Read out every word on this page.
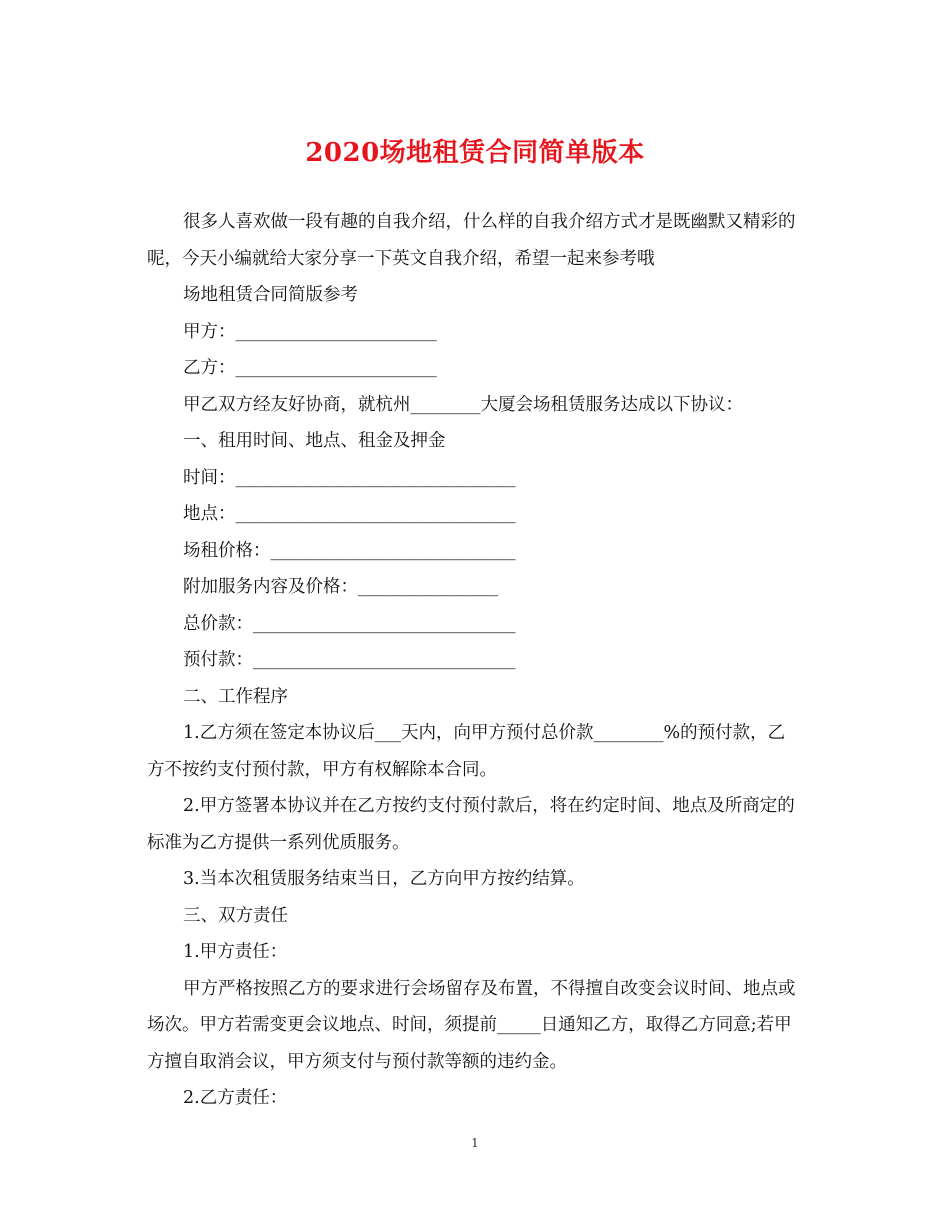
2020场地租赁合同简单版本

很多人喜欢做一段有趣的自我介绍，什么样的自我介绍方式才是既幽默又精彩的呢，今天小编就给大家分享一下英文自我介绍，希望一起来参考哦

场地租赁合同简版参考

甲方：_______________________

乙方：_______________________

甲乙双方经友好协商，就杭州________大厦会场租赁服务达成以下协议：

一、租用时间、地点、租金及押金

时间：________________________________

地点：________________________________

场租价格：____________________________

附加服务内容及价格：________________

总价款：______________________________

预付款：______________________________

二、工作程序

1.乙方须在签定本协议后___天内，向甲方预付总价款________%的预付款，乙方不按约支付预付款，甲方有权解除本合同。

2.甲方签署本协议并在乙方按约支付预付款后，将在约定时间、地点及所商定的标准为乙方提供一系列优质服务。

3.当本次租赁服务结束当日，乙方向甲方按约结算。

三、双方责任

1.甲方责任：

甲方严格按照乙方的要求进行会场留存及布置，不得擅自改变会议时间、地点或场次。甲方若需变更会议地点、时间，须提前_____日通知乙方，取得乙方同意;若甲方擅自取消会议，甲方须支付与预付款等额的违约金。

2.乙方责任：

1
